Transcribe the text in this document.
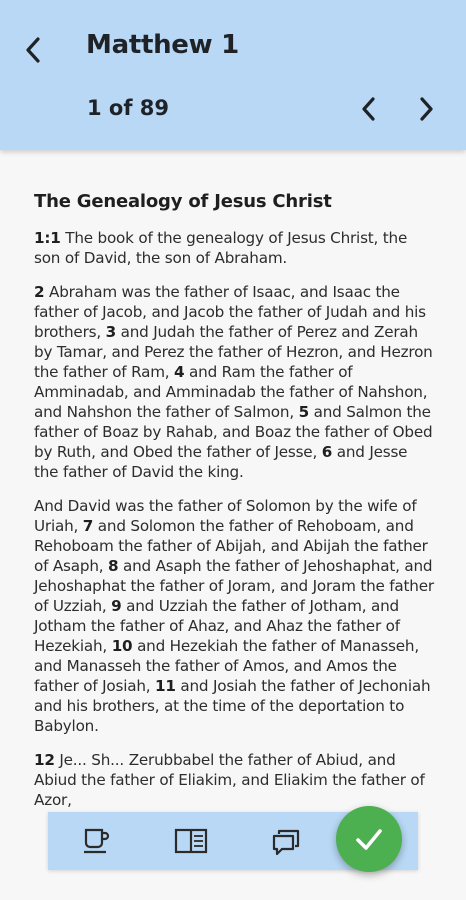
Matthew 1
1 of 89
The Genealogy of Jesus Christ

1:1 The book of the genealogy of Jesus Christ, the son of David, the son of Abraham.

2 Abraham was the father of Isaac, and Isaac the father of Jacob, and Jacob the father of Judah and his brothers, 3 and Judah the father of Perez and Zerah by Tamar, and Perez the father of Hezron, and Hezron the father of Ram, 4 and Ram the father of Amminadab, and Amminadab the father of Nahshon, and Nahshon the father of Salmon, 5 and Salmon the father of Boaz by Rahab, and Boaz the father of Obed by Ruth, and Obed the father of Jesse, 6 and Jesse the father of David the king.

And David was the father of Solomon by the wife of Uriah, 7 and Solomon the father of Rehoboam, and Rehoboam the father of Abijah, and Abijah the father of Asaph, 8 and Asaph the father of Jehoshaphat, and Jehoshaphat the father of Joram, and Joram the father of Uzziah, 9 and Uzziah the father of Jotham, and Jotham the father of Ahaz, and Ahaz the father of Hezekiah, 10 and Hezekiah the father of Manasseh, and Manasseh the father of Amos, and Amos the father of Josiah, 11 and Josiah the father of Jechoniah and his brothers, at the time of the deportation to Babylon.

12 Je... Sh... Zerubbabel the father of Abiud, and Abiud the father of Eliakim, and Eliakim the father of Azor,
